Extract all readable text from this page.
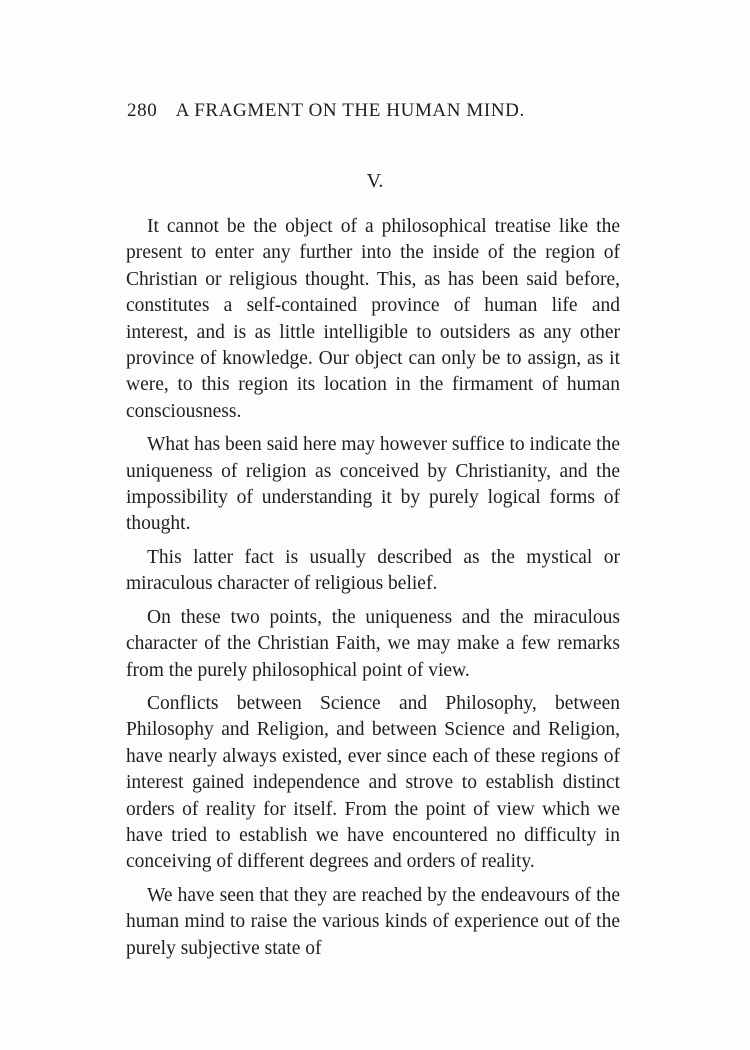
280 A FRAGMENT ON THE HUMAN MIND.
V.

It cannot be the object of a philosophical treatise like the present to enter any further into the inside of the region of Christian or religious thought. This, as has been said before, constitutes a self-contained province of human life and interest, and is as little intelligible to outsiders as any other province of knowledge. Our object can only be to assign, as it were, to this region its location in the firmament of human consciousness.

What has been said here may however suffice to indicate the uniqueness of religion as conceived by Christianity, and the impossibility of understanding it by purely logical forms of thought.

This latter fact is usually described as the mystical or miraculous character of religious belief.

On these two points, the uniqueness and the miraculous character of the Christian Faith, we may make a few remarks from the purely philosophical point of view.

Conflicts between Science and Philosophy, between Philosophy and Religion, and between Science and Religion, have nearly always existed, ever since each of these regions of interest gained independence and strove to establish distinct orders of reality for itself. From the point of view which we have tried to establish we have encountered no difficulty in conceiving of different degrees and orders of reality.

We have seen that they are reached by the endeavours of the human mind to raise the various kinds of experience out of the purely subjective state of
